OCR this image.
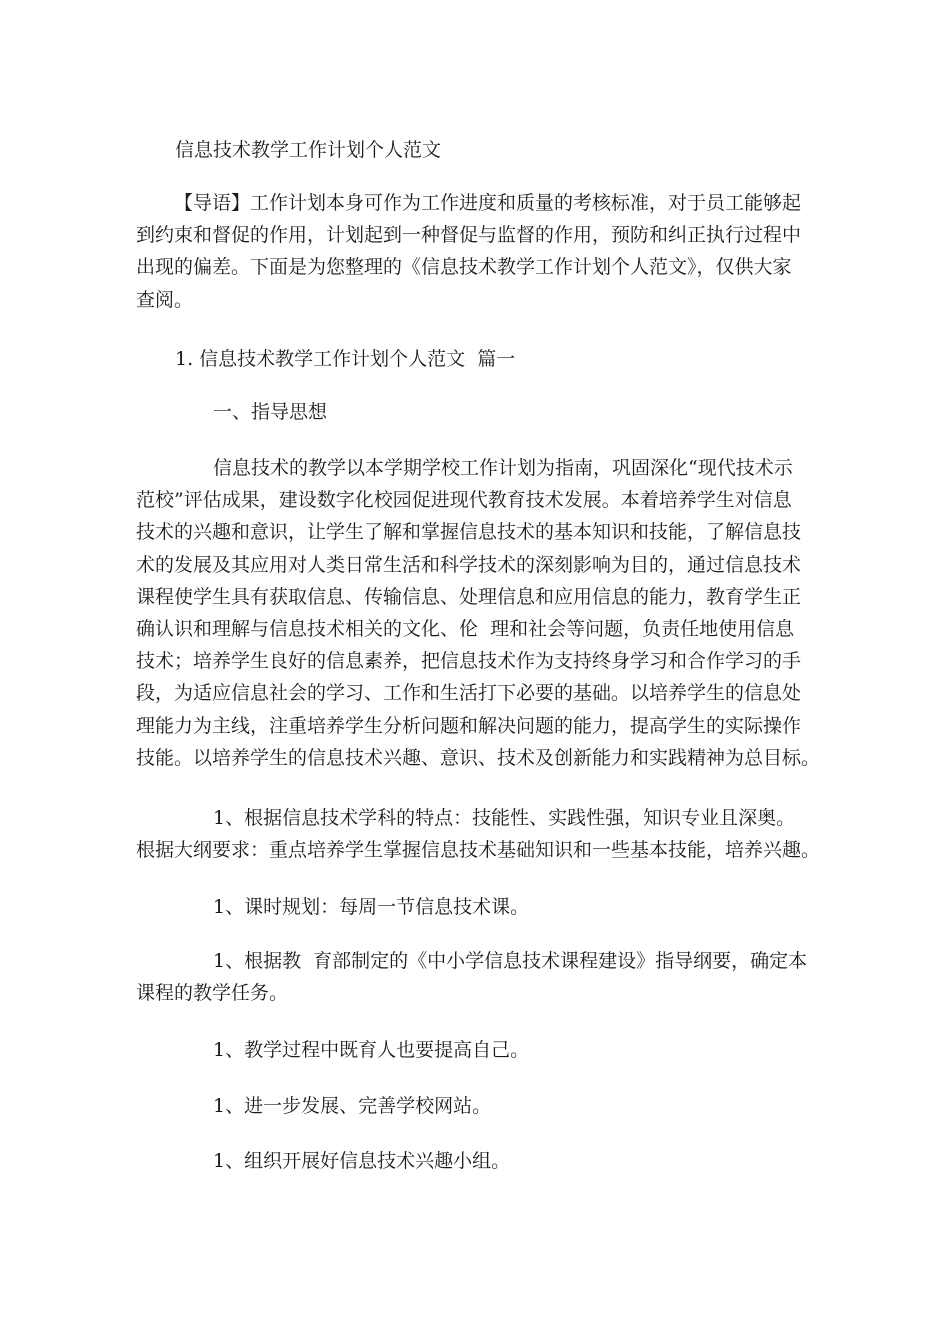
信息技术教学工作计划个人范文

【导语】工作计划本身可作为工作进度和质量的考核标准，对于员工能够起

到约束和督促的作用，计划起到一种督促与监督的作用，预防和纠正执行过程中

出现的偏差。下面是为您整理的《信息技术教学工作计划个人范文》，仅供大家

查阅。

1. 信息技术教学工作计划个人范文  篇一
一、指导思想

信息技术的教学以本学期学校工作计划为指南，巩固深化“现代技术示

范校”评估成果，建设数字化校园促进现代教育技术发展。本着培养学生对信息

技术的兴趣和意识，让学生了解和掌握信息技术的基本知识和技能，了解信息技

术的发展及其应用对人类日常生活和科学技术的深刻影响为目的，通过信息技术

课程使学生具有获取信息、传输信息、处理信息和应用信息的能力，教育学生正

确认识和理解与信息技术相关的文化、伦  理和社会等问题，负责任地使用信息

技术；培养学生良好的信息素养，把信息技术作为支持终身学习和合作学习的手

段，为适应信息社会的学习、工作和生活打下必要的基础。以培养学生的信息处

理能力为主线，注重培养学生分析问题和解决问题的能力，提高学生的实际操作

技能。以培养学生的信息技术兴趣、意识、技术及创新能力和实践精神为总目标。

1、根据信息技术学科的特点：技能性、实践性强，知识专业且深奥。

根据大纲要求：重点培养学生掌握信息技术基础知识和一些基本技能，培养兴趣。

1、课时规划：每周一节信息技术课。

1、根据教  育部制定的《中小学信息技术课程建设》指导纲要，确定本

课程的教学任务。

1、教学过程中既育人也要提高自己。
1、进一步发展、完善学校网站。
1、组织开展好信息技术兴趣小组。
